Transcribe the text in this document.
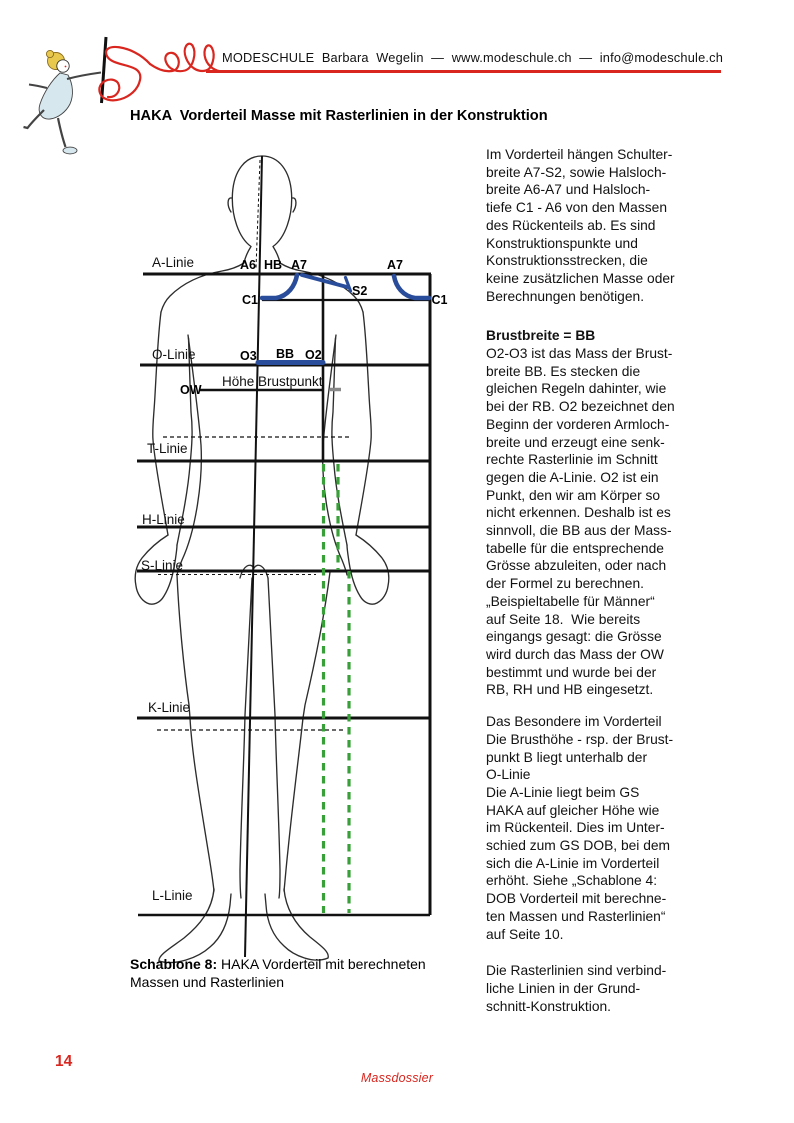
MODESCHULE  Barbara  Wegelin  —  www.modeschule.ch  —  info@modeschule.ch
HAKA  Vorderteil Masse mit Rasterlinien in der Konstruktion
A-Linie
O-Linie
T-Linie
H-Linie
S-Linie
K-Linie
L-Linie
Höhe Brustpunkt
A6 HB A7	A7
C1	C1
S2
O3 BB O2
OW
Schablone 8: HAKA Vorderteil mit berechneten
Massen und Rasterlinien
Im Vorderteil hängen Schulter-
breite A7-S2, sowie Halsloch-
breite A6-A7 und Halsloch-
tiefe C1 - A6 von den Massen
des Rückenteils ab. Es sind
Konstruktionspunkte und
Konstruktionsstrecken, die
keine zusätzlichen Masse oder
Berechnungen benötigen.
Brustbreite = BB
O2-O3 ist das Mass der Brust-
breite BB. Es stecken die
gleichen Regeln dahinter, wie
bei der RB. O2 bezeichnet den
Beginn der vorderen Armloch-
breite und erzeugt eine senk-
rechte Rasterlinie im Schnitt
gegen die A-Linie. O2 ist ein
Punkt, den wir am Körper so
nicht erkennen. Deshalb ist es
sinnvoll, die BB aus der Mass-
tabelle für die entsprechende
Grösse abzuleiten, oder nach
der Formel zu berechnen.
„Beispieltabelle für Männer“
auf Seite 18.  Wie bereits
eingangs gesagt: die Grösse
wird durch das Mass der OW
bestimmt und wurde bei der
RB, RH und HB eingesetzt.
Das Besondere im Vorderteil
Die Brusthöhe - rsp. der Brust-
punkt B liegt unterhalb der
O-Linie
Die A-Linie liegt beim GS
HAKA auf gleicher Höhe wie
im Rückenteil. Dies im Unter-
schied zum GS DOB, bei dem
sich die A-Linie im Vorderteil
erhöht. Siehe „Schablone 4:
DOB Vorderteil mit berechne-
ten Massen und Rasterlinien“
auf Seite 10.
Die Rasterlinien sind verbind-
liche Linien in der Grund-
schnitt-Konstruktion.
14
Massdossier
